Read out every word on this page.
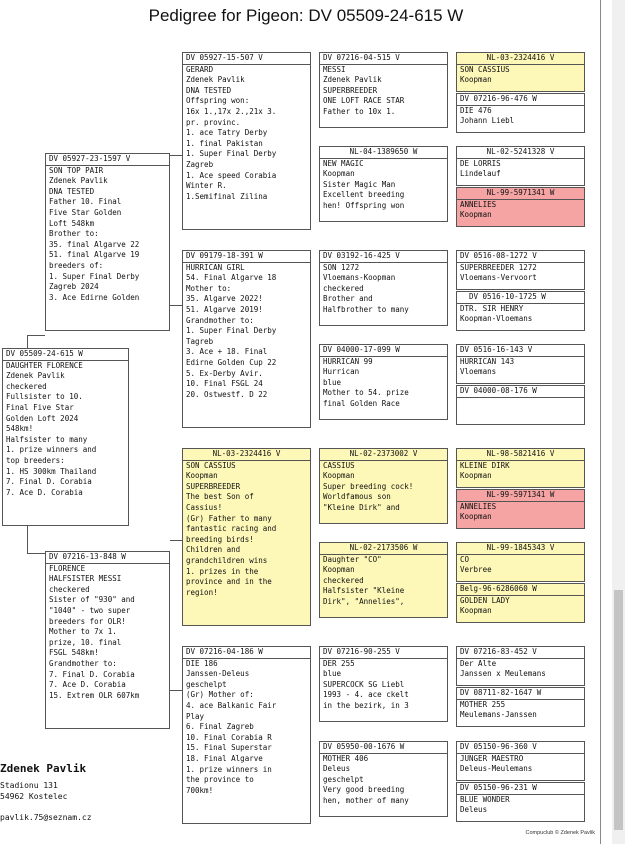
Pedigree for Pigeon: DV 05509-24-615 W
DV 05509-24-615 W
DAUGHTER FLORENCE
Zdenek Pavlik
checkered
Fullsister to 10.
Final Five Star
Golden Loft 2024
548km!
Halfsister to many
1. prize winners and
top breeders:
1. HS 300km Thailand
7. Final D. Corabia
7. Ace D. Corabia
DV 05927-23-1597 V
SON TOP PAIR
Zdenek Pavlik
DNA TESTED
Father 10. Final
Five Star Golden
Loft 548km
Brother to:
35. final Algarve 22
51. final Algarve 19
breeders of:
1. Super Final Derby
Zagreb 2024
3. Ace Edirne Golden
DV 07216-13-848 W
FLORENCE
HALFSISTER MESSI
checkered
Sister of "930" and
"1040" - two super
breeders for OLR!
Mother to 7x 1.
prize, 10. final
FSGL 548km!
Grandmother to:
7. Final D. Corabia
7. Ace D. Corabia
15. Extrem OLR 607km
DV 05927-15-507 V
GERARD
Zdenek Pavlik
DNA TESTED
Offspring won:
16x 1.,17x 2.,21x 3.
pr. provinc.
1. ace Tatry Derby
1. final Pakistan
1. Super Final Derby
Zagreb
1. Ace speed Corabia
Winter R.
1.Semifinal Zilina
DV 09179-18-391 W
HURRICAN GIRL
54. Final Algarve 18
Mother to:
35. Algarve 2022!
51. Algarve 2019!
Grandmother to:
1. Super Final Derby
Tagreb
3. Ace + 18. Final
Edirne Golden Cup 22
5. Ex-Derby Avir.
10. Final FSGL 24
20. Ostwestf. D 22
NL-03-2324416 V
SON CASSIUS
Koopman
SUPERBREEDER
The best Son of
Cassius!
(Gr) Father to many
fantastic racing and
breeding birds!
Children and
grandchildren wins
1. prizes in the
province and in the
region!
DV 07216-04-186 W
DIE 186
Janssen-Deleus
geschelpt
(Gr) Mother of:
4. ace Balkanic Fair
Play
6. Final Zagreb
10. Final Corabia R
15. Final Superstar
18. Final Algarve
1. prize winners in
the province to
700km!
DV 07216-04-515 V
MESSI
Zdenek Pavlik
SUPERBREEDER
ONE LOFT RACE STAR
Father to 10x 1.
NL-04-1389650 W
NEW MAGIC
Koopman
Sister Magic Man
Excellent breeding
hen! Offspring won
DV 03192-16-425 V
SON 1272
Vloemans-Koopman
checkered
Brother and
Halfbrother to many
DV 04000-17-099 W
HURRICAN 99
Hurrican
blue
Mother to 54. prize
final Golden Race
NL-02-2373002 V
CASSIUS
Koopman
Super breeding cock!
Worldfamous son
"Kleine Dirk" and
NL-02-2173506 W
Daughter "CO"
Koopman
checkered
Halfsister "Kleine
Dirk", "Annelies",
DV 07216-90-255 V
DER 255
blue
SUPERCOCK SG Liebl
1993 - 4. ace ckelt
in the bezirk, in 3
DV 05950-00-1676 W
MOTHER 406
Deleus
geschelpt
Very good breeding
hen, mother of many
NL-03-2324416 V
SON CASSIUS
Koopman
DV 07216-96-476 W
DIE 476
Johann Liebl
NL-02-5241328 V
DE LORRIS
Lindelauf
NL-99-5971341 W
ANNELIES
Koopman
DV 0516-08-1272 V
SUPERBREEDER 1272
Vloemans-Vervoort
DV 0516-10-1725 W
DTR. SIR HENRY
Koopman-Vloemans
DV 0516-16-143 V
HURRICAN 143
Vloemans
DV 04000-08-176 W
NL-98-5821416 V
KLEINE DIRK
Koopman
NL-99-5971341 W
ANNELIES
Koopman
NL-99-1845343 V
CO
Verbree
Belg-96-6286060 W
GOLDEN LADY
Koopman
DV 07216-83-452 V
Der Alte
Janssen x Meulemans
DV 08711-82-1647 W
MOTHER 255
Meulemans-Janssen
DV 05150-96-360 V
JUNGER MAESTRO
Deleus-Meulemans
DV 05150-96-231 W
BLUE WONDER
Deleus
Zdenek Pavlik
Stadionu 131
54962 Kostelec
pavlik.75@seznam.cz
Compuclub © Zdenek Pavlik
